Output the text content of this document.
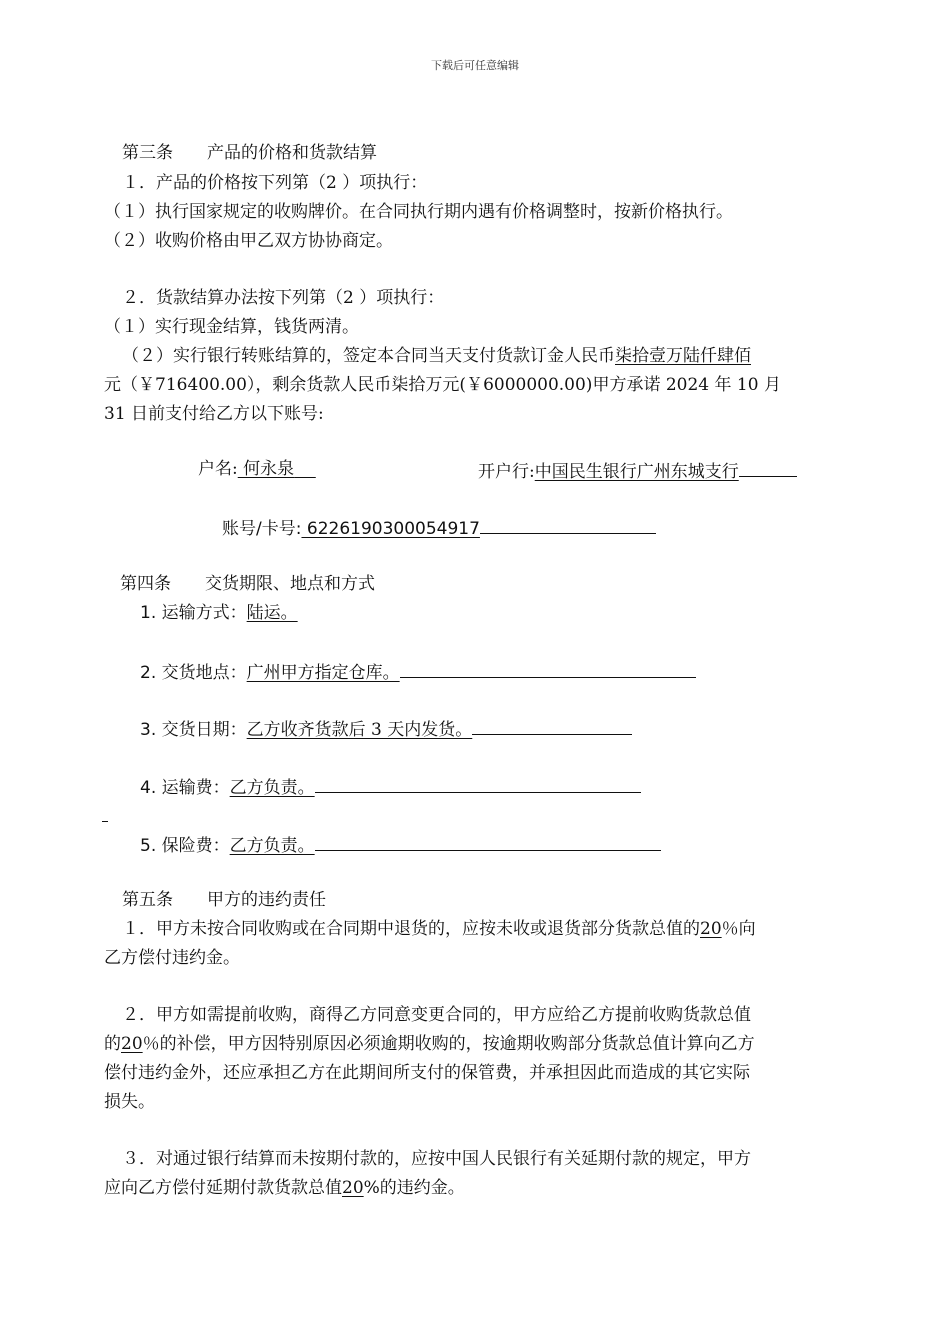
下载后可任意编辑
第三条　　产品的价格和货款结算
１．产品的价格按下列第（2 ）项执行：
（１）执行国家规定的收购牌价。在合同执行期内遇有价格调整时，按新价格执行。
（２）收购价格由甲乙双方协协商定。
２．货款结算办法按下列第（2 ）项执行：
（１）实行现金结算，钱货两清。
（２）实行银行转账结算的，签定本合同当天支付货款订金人民币柒拾壹万陆仟肆佰
元（￥716400.00），剩余货款人民币柒拾万元(￥6000000.00)甲方承诺 2024 年 10 月
31 日前支付给乙方以下账号:
户名: 何永泉	开户行:中国民生银行广州东城支行
账号/卡号: 6226190300054917
第四条　　交货期限、地点和方式
1. 运输方式：陆运。
2. 交货地点：广州甲方指定仓库。
3. 交货日期：乙方收齐货款后 3 天内发货。
4. 运输费：乙方负责。
5. 保险费：乙方负责。
第五条　　甲方的违约责任
１．甲方未按合同收购或在合同期中退货的，应按未收或退货部分货款总值的20％向
乙方偿付违约金。
２．甲方如需提前收购，商得乙方同意变更合同的，甲方应给乙方提前收购货款总值
的20％的补偿，甲方因特别原因必须逾期收购的，按逾期收购部分货款总值计算向乙方
偿付违约金外，还应承担乙方在此期间所支付的保管费，并承担因此而造成的其它实际
损失。
３．对通过银行结算而未按期付款的，应按中国人民银行有关延期付款的规定，甲方
应向乙方偿付延期付款货款总值20%的违约金。
